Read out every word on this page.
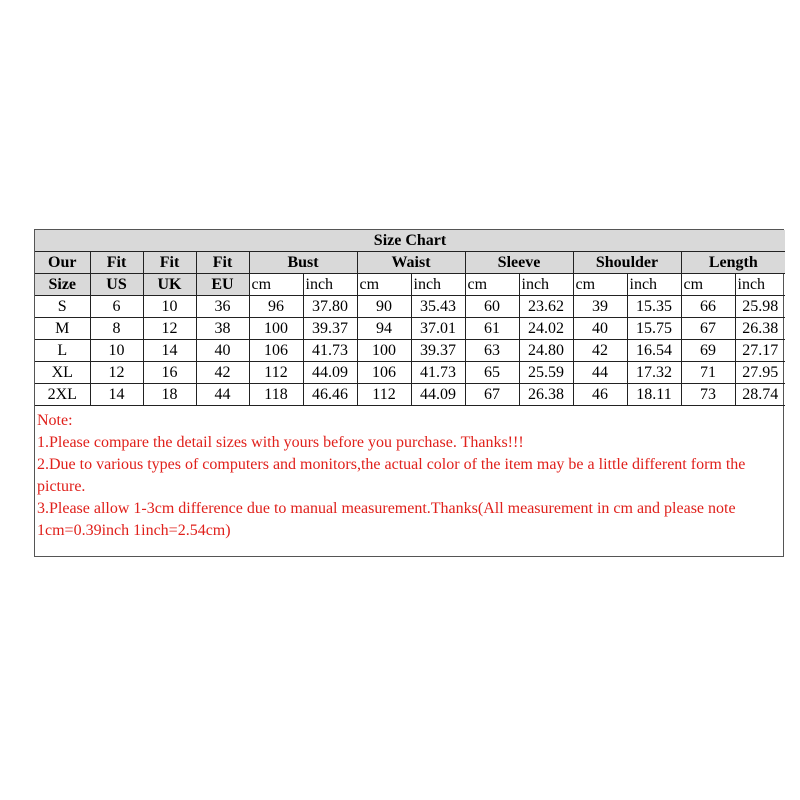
Size Chart													
Our	Fit	Fit	Fit	Bust		Waist		Sleeve		Shoulder		Length	
Size	US	UK	EU	cm	inch	cm	inch	cm	inch	cm	inch	cm	inch
S	6	10	36	96	37.80	90	35.43	60	23.62	39	15.35	66	25.98
M	8	12	38	100	39.37	94	37.01	61	24.02	40	15.75	67	26.38
L	10	14	40	106	41.73	100	39.37	63	24.80	42	16.54	69	27.17
XL	12	16	42	112	44.09	106	41.73	65	25.59	44	17.32	71	27.95
2XL	14	18	44	118	46.46	112	44.09	67	26.38	46	18.11	73	28.74
Note:
1.Please compare the detail sizes with yours before you purchase. Thanks!!!
2.Due to various types of computers and monitors,the actual color of the item may be a little different form the picture.
3.Please allow 1-3cm difference due to manual measurement.Thanks(All measurement in cm and please note 1cm=0.39inch 1inch=2.54cm)
